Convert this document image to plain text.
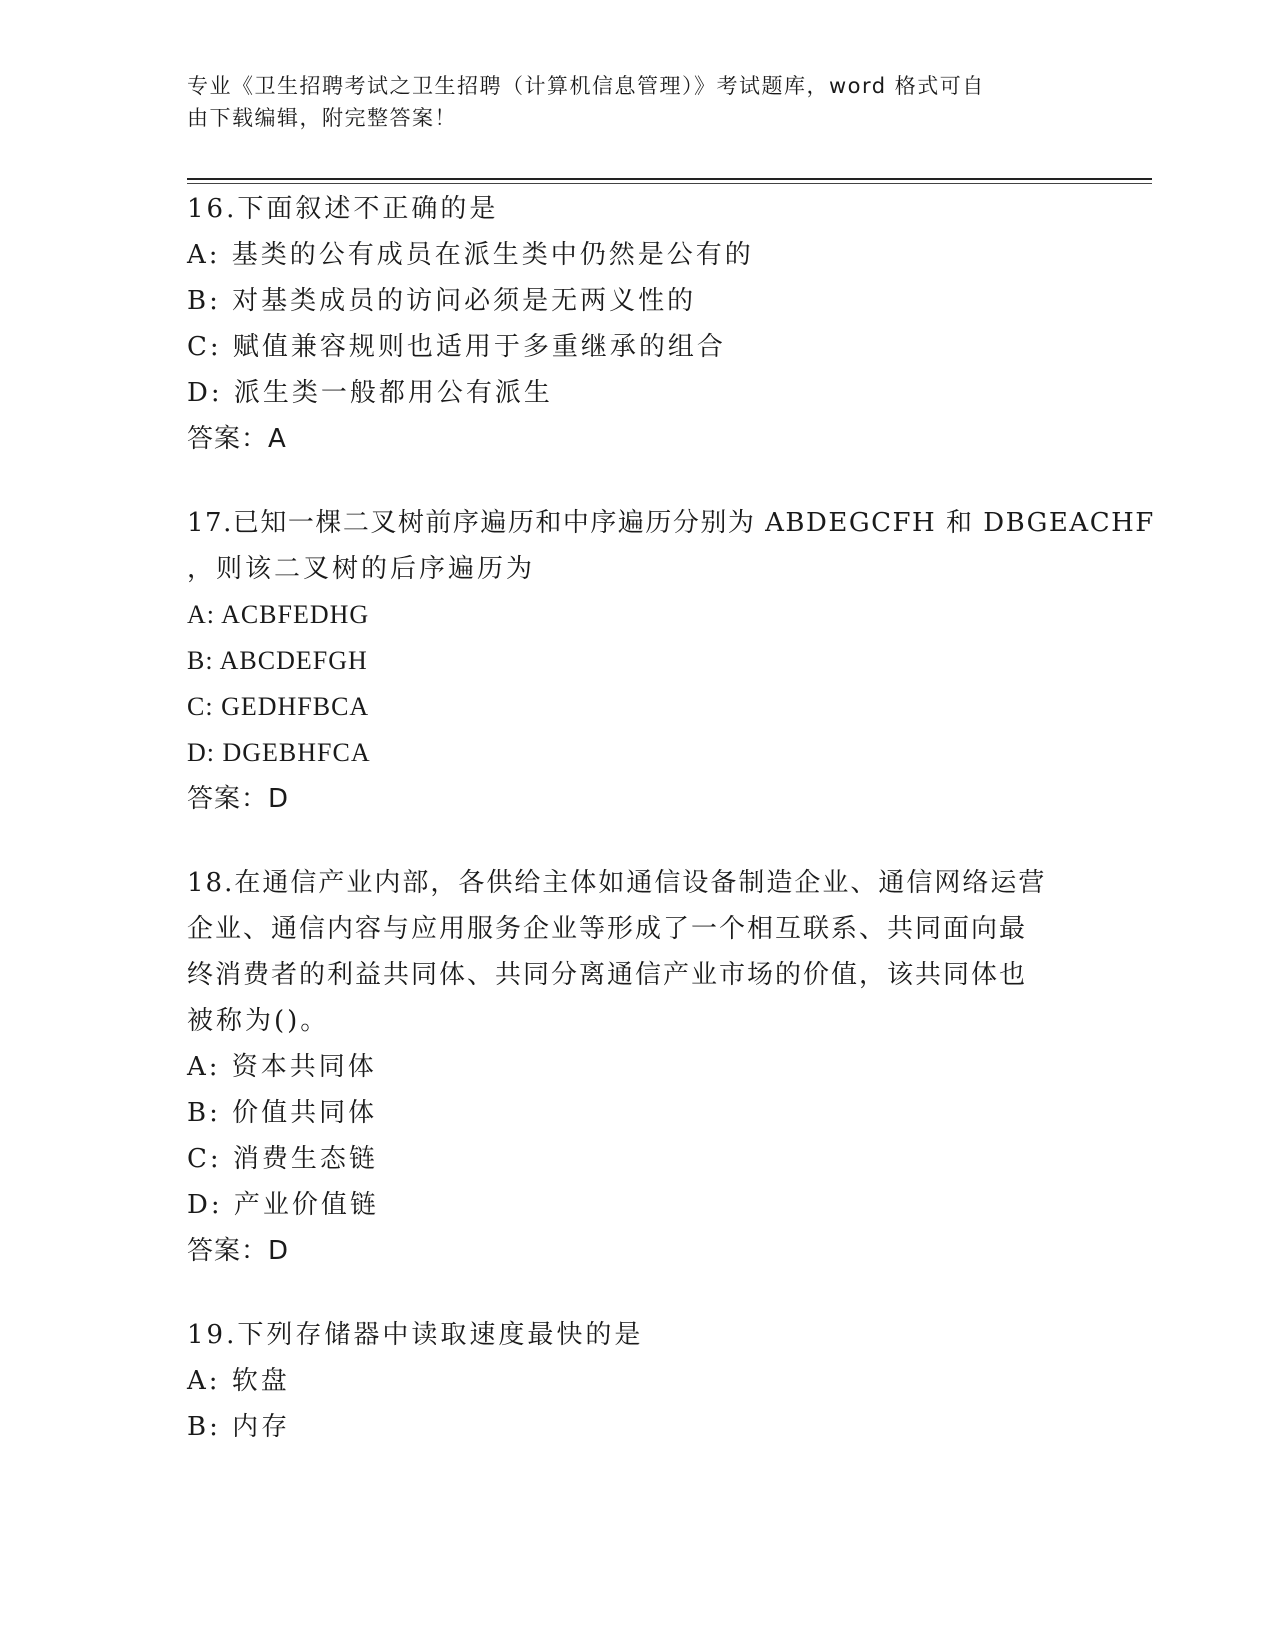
专业《卫生招聘考试之卫生招聘（计算机信息管理）》考试题库，word 格式可自
由下载编辑，附完整答案！
16.下面叙述不正确的是
A: 基类的公有成员在派生类中仍然是公有的
B: 对基类成员的访问必须是无两义性的
C: 赋值兼容规则也适用于多重继承的组合
D: 派生类一般都用公有派生
答案：A
17.已知一棵二叉树前序遍历和中序遍历分别为 ABDEGCFH 和 DBGEACHF
，则该二叉树的后序遍历为
A: ACBFEDHG
B: ABCDEFGH
C: GEDHFBCA
D: DGEBHFCA
答案：D
18.在通信产业内部，各供给主体如通信设备制造企业、通信网络运营
企业、通信内容与应用服务企业等形成了一个相互联系、共同面向最
终消费者的利益共同体、共同分离通信产业市场的价值，该共同体也
被称为()。
A: 资本共同体
B: 价值共同体
C: 消费生态链
D: 产业价值链
答案：D
19.下列存储器中读取速度最快的是
A: 软盘
B: 内存
